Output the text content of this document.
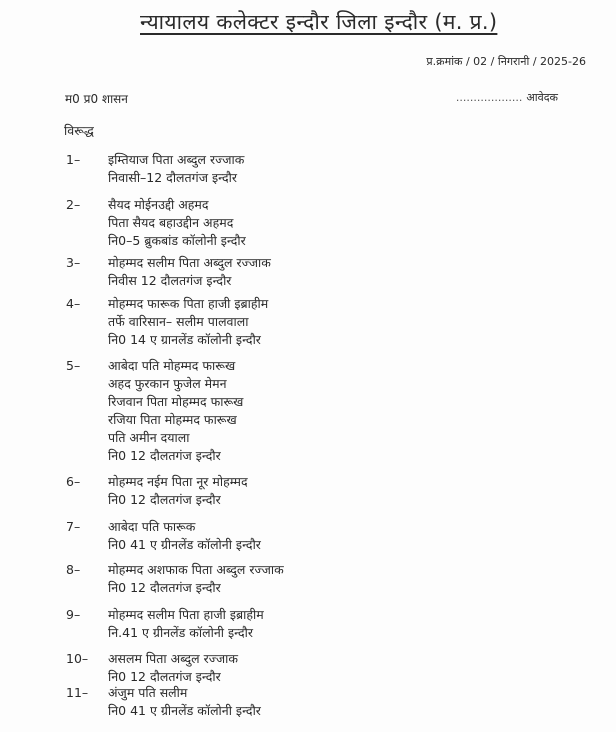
न्यायालय कलेक्टर इन्दौर जिला इन्दौर (म. प्र.)
प्र.क्रमांक / 02 / निगरानी / 2025-26
म0 प्र0 शासन	................... आवेदक
विरूद्ध
1– इम्तियाज पिता अब्दुल रज्जाक
निवासी–12 दौलतगंज इन्दौर
2– सैयद मोईनउद्दी अहमद
पिता सैयद बहाउद्दीन अहमद
नि0–5 ब्रुकबांड कॉलोनी इन्दौर
3– मोहम्मद सलीम पिता अब्दुल रज्जाक
निवीस 12 दौलतगंज इन्दौर
4– मोहम्मद फारूक पिता हाजी इब्राहीम
तर्फे वारिसान– सलीम पालवाला
नि0 14 ए ग्रानलेंड कॉलोनी इन्दौर
5– आबेदा पति मोहम्मद फारूख
अहद फुरकान फुजेल मेमन
रिजवान पिता मोहम्मद फारूख
रजिया पिता मोहम्मद फारूख
पति अमीन दयाला
नि0 12 दौलतगंज इन्दौर
6– मोहम्मद नईम पिता नूर मोहम्मद
नि0 12 दौलतगंज इन्दौर
7– आबेदा पति फारूक
नि0 41 ए ग्रीनलेंड कॉलोनी इन्दौर
8– मोहम्मद अशफाक पिता अब्दुल रज्जाक
नि0 12 दौलतगंज इन्दौर
9– मोहम्मद सलीम पिता हाजी इब्राहीम
नि.41 ए ग्रीनलेंड कॉलोनी इन्दौर
10– असलम पिता अब्दुल रज्जाक
नि0 12 दौलतगंज इन्दौर
11– अंजुम पति सलीम
नि0 41 ए ग्रीनलेंड कॉलोनी इन्दौर
